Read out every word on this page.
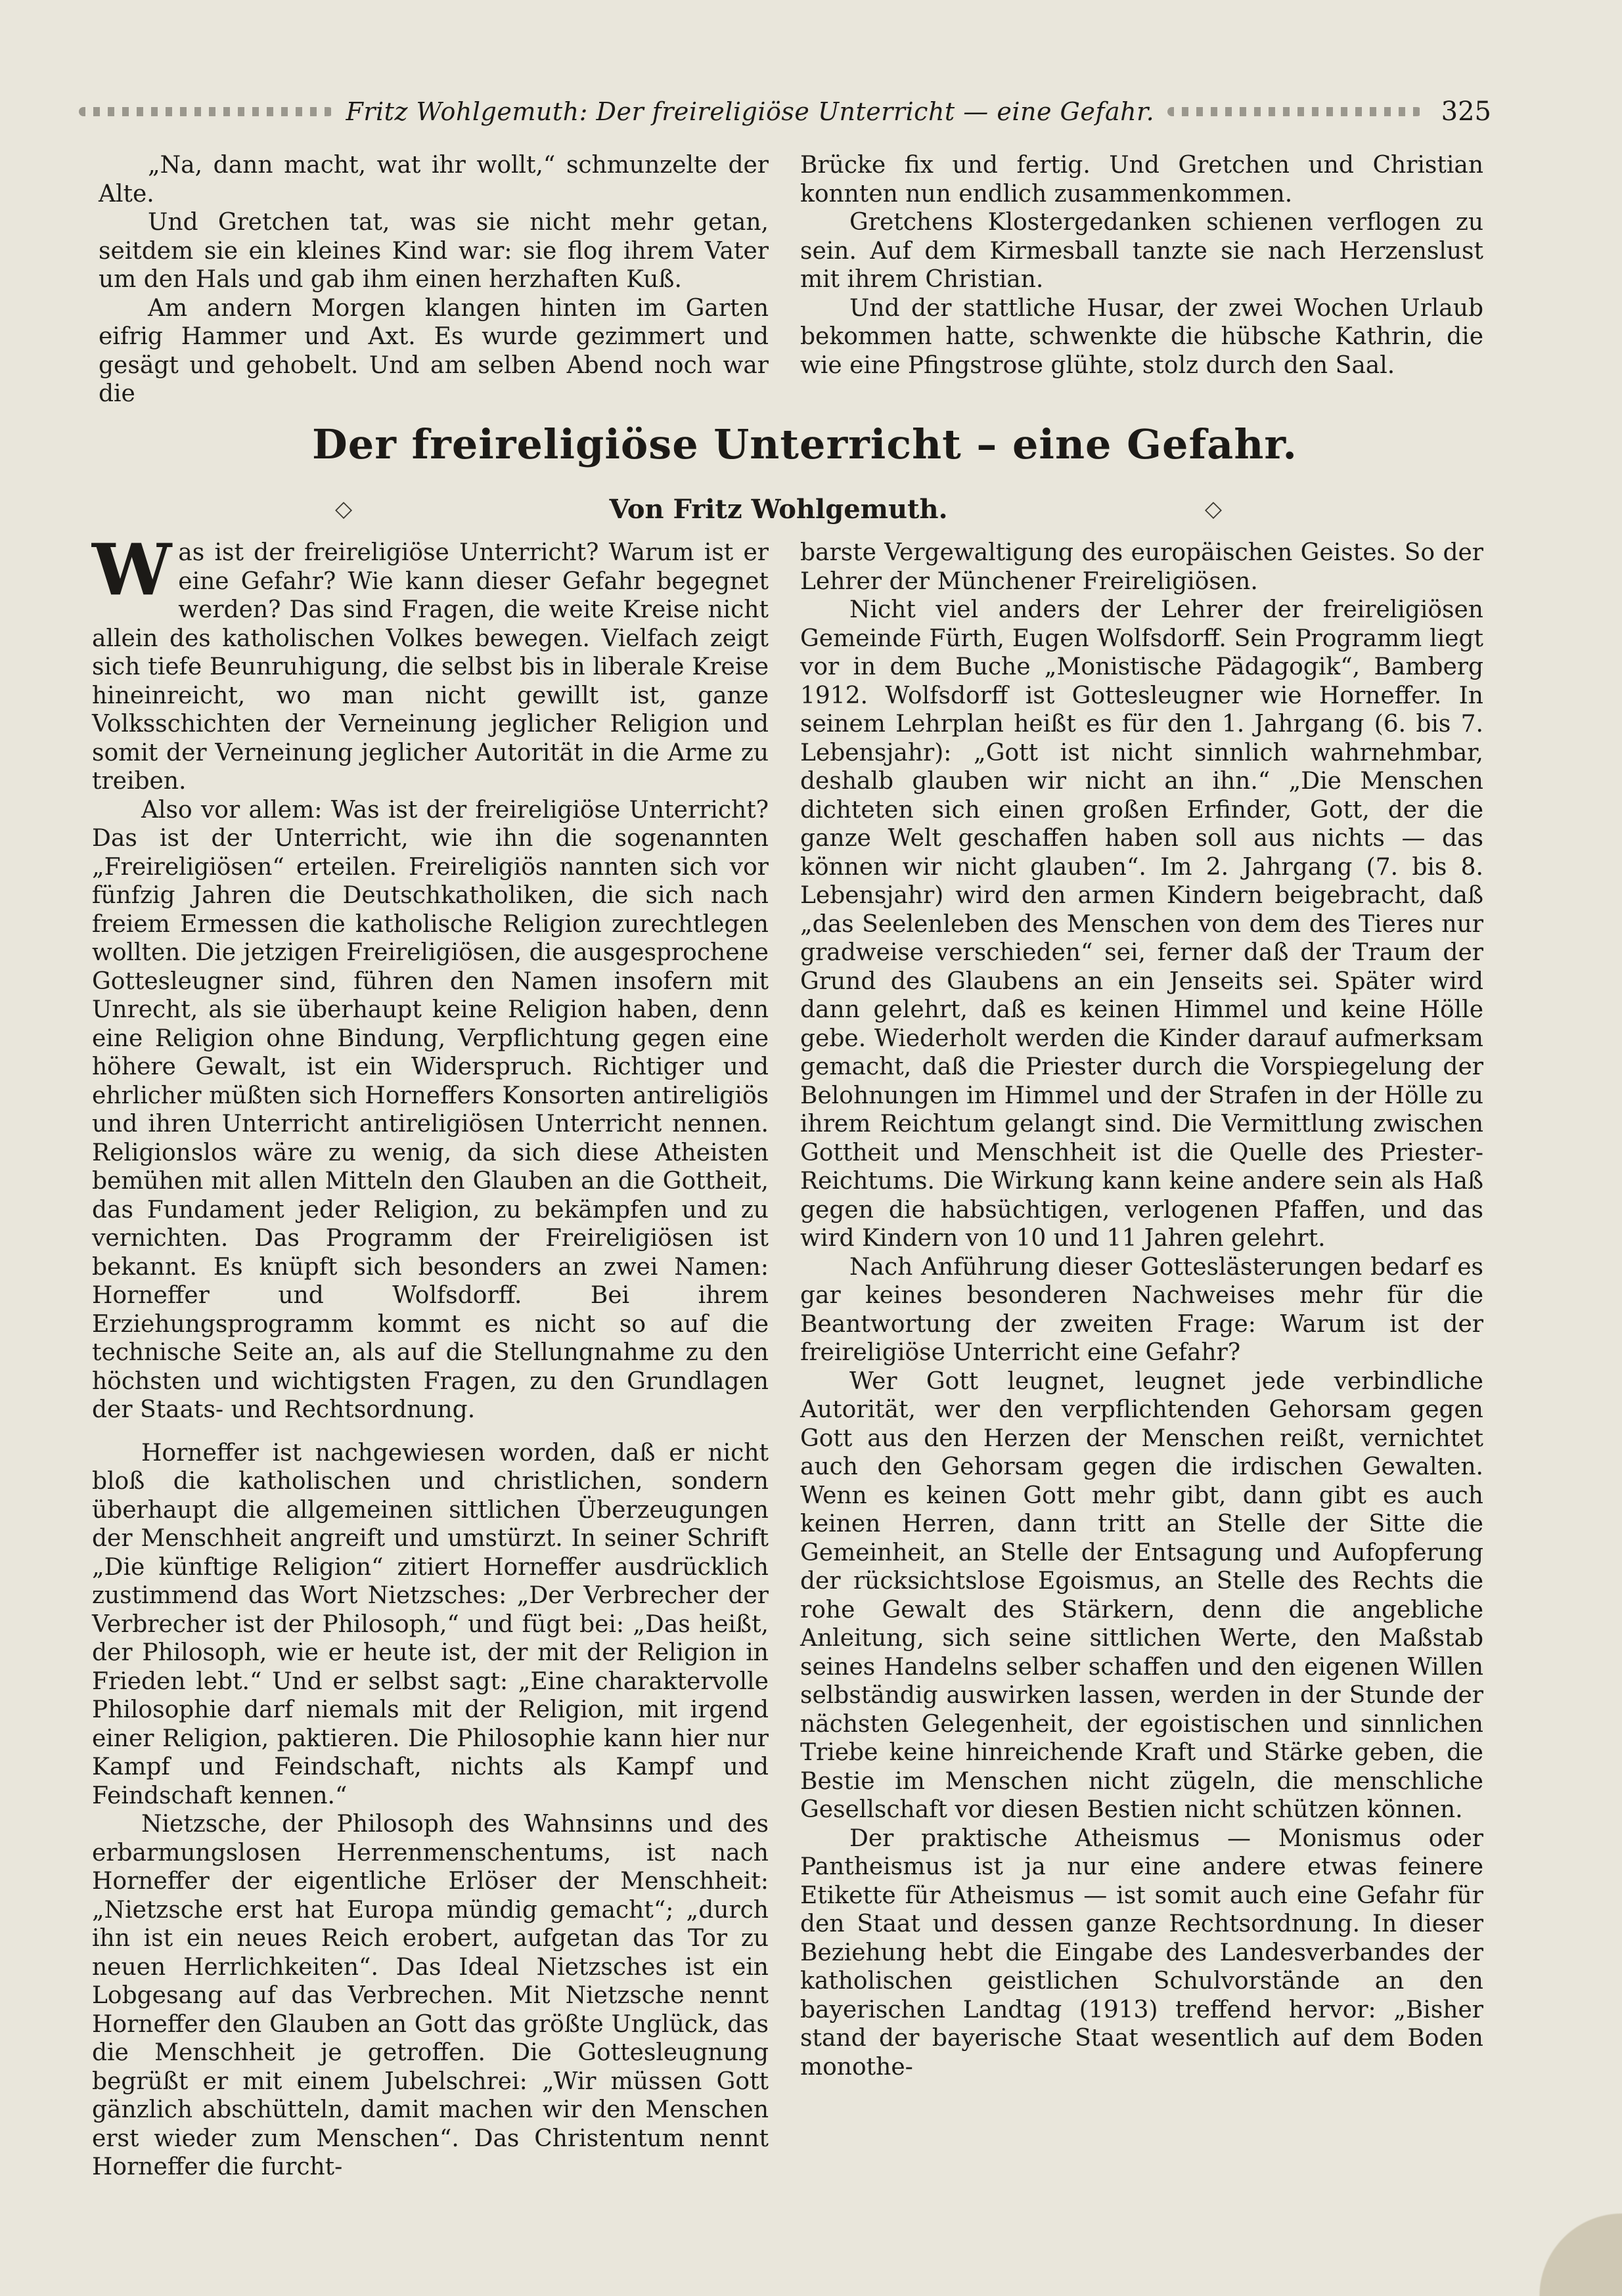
Fritz Wohlgemuth: Der freireligiöse Unterricht — eine Gefahr.	325

„Na, dann macht, wat ihr wollt,“ schmunzelte der Alte.

Und Gretchen tat, was sie nicht mehr getan, seitdem sie ein kleines Kind war: sie flog ihrem Vater um den Hals und gab ihm einen herzhaften Kuß.

Am andern Morgen klangen hinten im Garten eifrig Hammer und Axt. Es wurde gezimmert und gesägt und gehobelt. Und am selben Abend noch war die

Brücke fix und fertig. Und Gretchen und Christian konnten nun endlich zusammenkommen.

Gretchens Klostergedanken schienen verflogen zu sein. Auf dem Kirmesball tanzte sie nach Herzenslust mit ihrem Christian.

Und der stattliche Husar, der zwei Wochen Urlaub bekommen hatte, schwenkte die hübsche Kathrin, die wie eine Pfingstrose glühte, stolz durch den Saal.

Der freireligiöse Unterricht – eine Gefahr.
◇	Von Fritz Wohlgemuth.	◇

Was ist der freireligiöse Unterricht? Warum ist er eine Gefahr? Wie kann dieser Gefahr begegnet werden? Das sind Fragen, die weite Kreise nicht allein des katholischen Volkes bewegen. Vielfach zeigt sich tiefe Beunruhigung, die selbst bis in liberale Kreise hineinreicht, wo man nicht gewillt ist, ganze Volksschichten der Verneinung jeglicher Religion und somit der Verneinung jeglicher Autorität in die Arme zu treiben.

Also vor allem: Was ist der freireligiöse Unterricht? Das ist der Unterricht, wie ihn die sogenannten „Freireligiösen“ erteilen. Freireligiös nannten sich vor fünfzig Jahren die Deutschkatholiken, die sich nach freiem Ermessen die katholische Religion zurechtlegen wollten. Die jetzigen Freireligiösen, die ausgesprochene Gottesleugner sind, führen den Namen insofern mit Unrecht, als sie überhaupt keine Religion haben, denn eine Religion ohne Bindung, Verpflichtung gegen eine höhere Gewalt, ist ein Widerspruch. Richtiger und ehrlicher müßten sich Horneffers Konsorten antireligiös und ihren Unterricht antireligiösen Unterricht nennen. Religionslos wäre zu wenig, da sich diese Atheisten bemühen mit allen Mitteln den Glauben an die Gottheit, das Fundament jeder Religion, zu bekämpfen und zu vernichten. Das Programm der Freireligiösen ist bekannt. Es knüpft sich besonders an zwei Namen: Horneffer und Wolfsdorff. Bei ihrem Erziehungsprogramm kommt es nicht so auf die technische Seite an, als auf die Stellungnahme zu den höchsten und wichtigsten Fragen, zu den Grundlagen der Staats- und Rechtsordnung.

Horneffer ist nachgewiesen worden, daß er nicht bloß die katholischen und christlichen, sondern überhaupt die allgemeinen sittlichen Überzeugungen der Menschheit angreift und umstürzt. In seiner Schrift „Die künftige Religion“ zitiert Horneffer ausdrücklich zustimmend das Wort Nietzsches: „Der Verbrecher der Verbrecher ist der Philosoph,“ und fügt bei: „Das heißt, der Philosoph, wie er heute ist, der mit der Religion in Frieden lebt.“ Und er selbst sagt: „Eine charaktervolle Philosophie darf niemals mit der Religion, mit irgend einer Religion, paktieren. Die Philosophie kann hier nur Kampf und Feindschaft, nichts als Kampf und Feindschaft kennen.“

Nietzsche, der Philosoph des Wahnsinns und des erbarmungslosen Herrenmenschentums, ist nach Horneffer der eigentliche Erlöser der Menschheit: „Nietzsche erst hat Europa mündig gemacht“; „durch ihn ist ein neues Reich erobert, aufgetan das Tor zu neuen Herrlichkeiten“. Das Ideal Nietzsches ist ein Lobgesang auf das Verbrechen. Mit Nietzsche nennt Horneffer den Glauben an Gott das größte Unglück, das die Menschheit je getroffen. Die Gottesleugnung begrüßt er mit einem Jubelschrei: „Wir müssen Gott gänzlich abschütteln, damit machen wir den Menschen erst wieder zum Menschen“. Das Christentum nennt Horneffer die furcht-

barste Vergewaltigung des europäischen Geistes. So der Lehrer der Münchener Freireligiösen.

Nicht viel anders der Lehrer der freireligiösen Gemeinde Fürth, Eugen Wolfsdorff. Sein Programm liegt vor in dem Buche „Monistische Pädagogik“, Bamberg 1912. Wolfsdorff ist Gottesleugner wie Horneffer. In seinem Lehrplan heißt es für den 1. Jahrgang (6. bis 7. Lebensjahr): „Gott ist nicht sinnlich wahrnehmbar, deshalb glauben wir nicht an ihn.“ „Die Menschen dichteten sich einen großen Erfinder, Gott, der die ganze Welt geschaffen haben soll aus nichts — das können wir nicht glauben“. Im 2. Jahrgang (7. bis 8. Lebensjahr) wird den armen Kindern beigebracht, daß „das Seelenleben des Menschen von dem des Tieres nur gradweise verschieden“ sei, ferner daß der Traum der Grund des Glaubens an ein Jenseits sei. Später wird dann gelehrt, daß es keinen Himmel und keine Hölle gebe. Wiederholt werden die Kinder darauf aufmerksam gemacht, daß die Priester durch die Vorspiegelung der Belohnungen im Himmel und der Strafen in der Hölle zu ihrem Reichtum gelangt sind. Die Vermittlung zwischen Gottheit und Menschheit ist die Quelle des Priester-Reichtums. Die Wirkung kann keine andere sein als Haß gegen die habsüchtigen, verlogenen Pfaffen, und das wird Kindern von 10 und 11 Jahren gelehrt.

Nach Anführung dieser Gotteslästerungen bedarf es gar keines besonderen Nachweises mehr für die Beantwortung der zweiten Frage: Warum ist der freireligiöse Unterricht eine Gefahr?

Wer Gott leugnet, leugnet jede verbindliche Autorität, wer den verpflichtenden Gehorsam gegen Gott aus den Herzen der Menschen reißt, vernichtet auch den Gehorsam gegen die irdischen Gewalten. Wenn es keinen Gott mehr gibt, dann gibt es auch keinen Herren, dann tritt an Stelle der Sitte die Gemeinheit, an Stelle der Entsagung und Aufopferung der rücksichtslose Egoismus, an Stelle des Rechts die rohe Gewalt des Stärkern, denn die angebliche Anleitung, sich seine sittlichen Werte, den Maßstab seines Handelns selber schaffen und den eigenen Willen selbständig auswirken lassen, werden in der Stunde der nächsten Gelegenheit, der egoistischen und sinnlichen Triebe keine hinreichende Kraft und Stärke geben, die Bestie im Menschen nicht zügeln, die menschliche Gesellschaft vor diesen Bestien nicht schützen können.

Der praktische Atheismus — Monismus oder Pantheismus ist ja nur eine andere etwas feinere Etikette für Atheismus — ist somit auch eine Gefahr für den Staat und dessen ganze Rechtsordnung. In dieser Beziehung hebt die Eingabe des Landesverbandes der katholischen geistlichen Schulvorstände an den bayerischen Landtag (1913) treffend hervor: „Bisher stand der bayerische Staat wesentlich auf dem Boden monothe-
